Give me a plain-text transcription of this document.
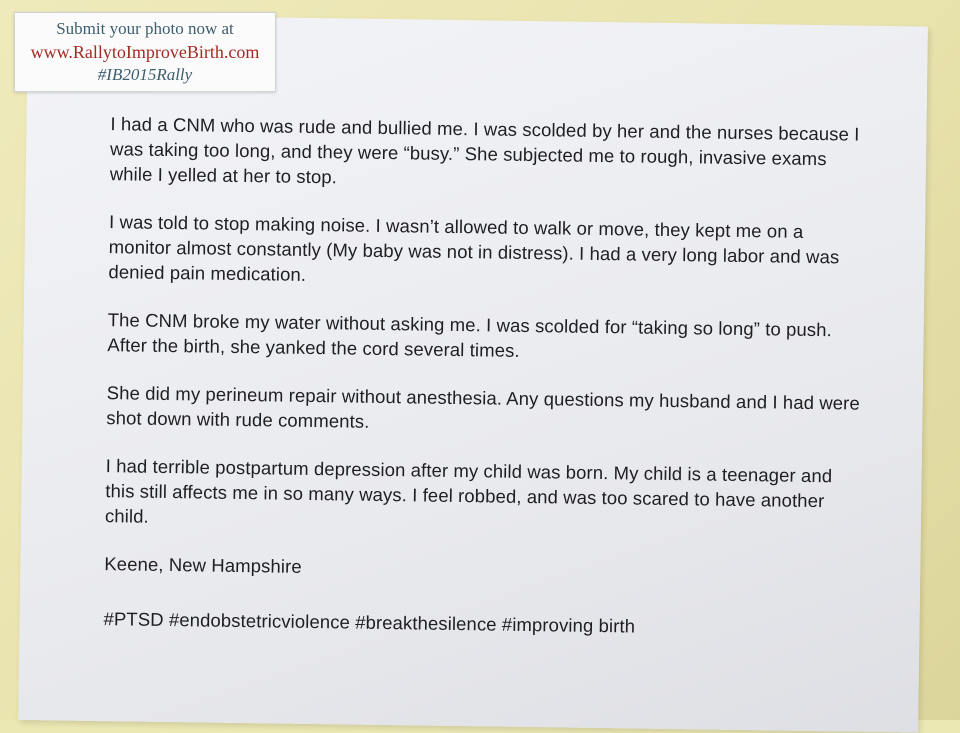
I had a CNM who was rude and bullied me. I was scolded by her and the nurses because I was taking too long, and they were “busy.” She subjected me to rough, invasive exams while I yelled at her to stop.

I was told to stop making noise. I wasn’t allowed to walk or move, they kept me on a monitor almost constantly (My baby was not in distress). I had a very long labor and was denied pain medication.

The CNM broke my water without asking me. I was scolded for “taking so long” to push. After the birth, she yanked the cord several times.

She did my perineum repair without anesthesia. Any questions my husband and I had were shot down with rude comments.

I had terrible postpartum depression after my child was born. My child is a teenager and this still affects me in so many ways. I feel robbed, and was too scared to have another child.

Keene, New Hampshire

#PTSD #endobstetricviolence #breakthesilence #improving birth

Submit your photo now at
www.RallytoImproveBirth.com
#IB2015Rally
